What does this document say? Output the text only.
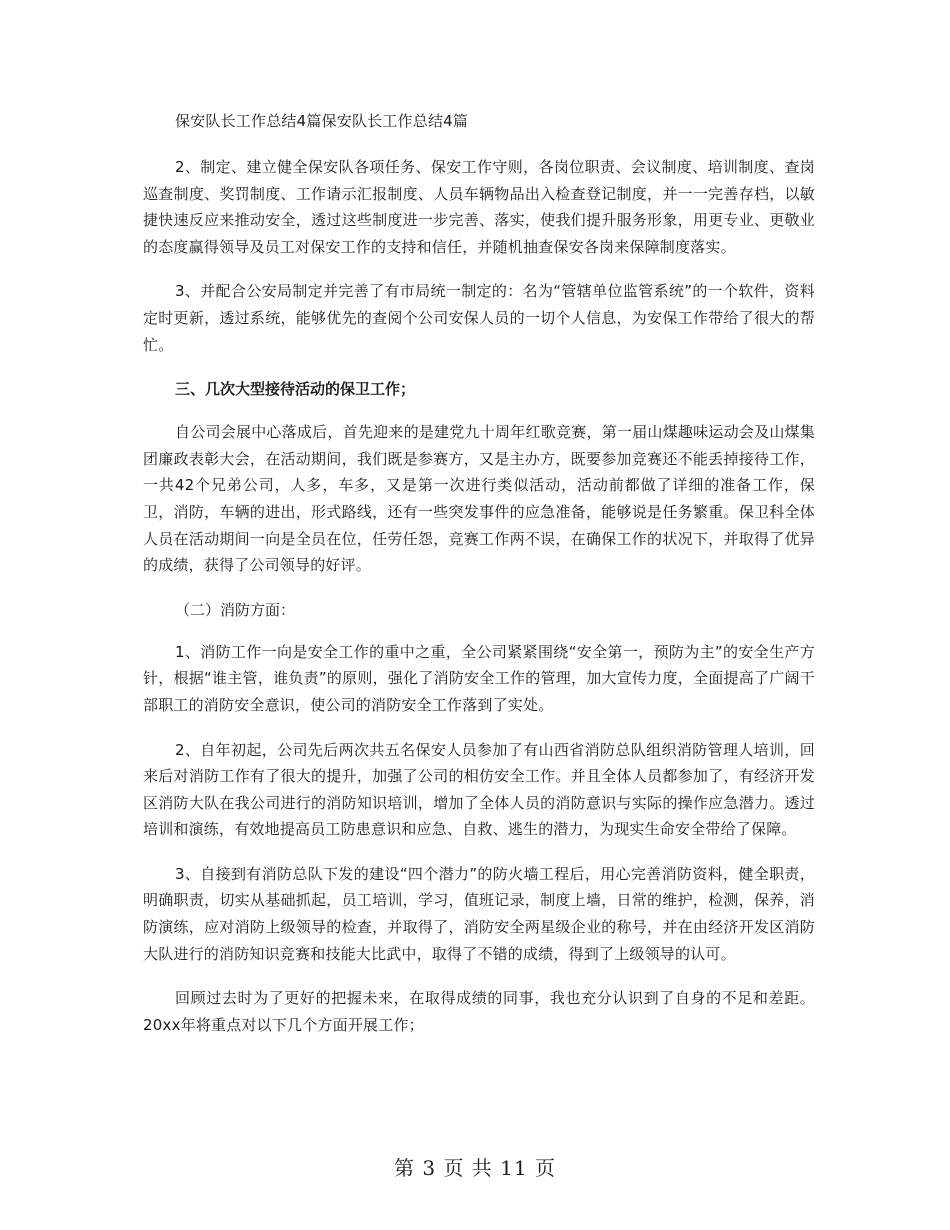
保安队长工作总结4篇保安队长工作总结4篇

2、制定、建立健全保安队各项任务、保安工作守则，各岗位职责、会议制度、培训制度、查岗巡查制度、奖罚制度、工作请示汇报制度、人员车辆物品出入检查登记制度，并一一完善存档，以敏捷快速反应来推动安全，透过这些制度进一步完善、落实，使我们提升服务形象，用更专业、更敬业的态度赢得领导及员工对保安工作的支持和信任，并随机抽查保安各岗来保障制度落实。

3、并配合公安局制定并完善了有市局统一制定的：名为“管辖单位监管系统”的一个软件，资料定时更新，透过系统，能够优先的查阅个公司安保人员的一切个人信息，为安保工作带给了很大的帮忙。

三、几次大型接待活动的保卫工作；

自公司会展中心落成后，首先迎来的是建党九十周年红歌竞赛，第一届山煤趣味运动会及山煤集团廉政表彰大会，在活动期间，我们既是参赛方，又是主办方，既要参加竞赛还不能丢掉接待工作，一共42个兄弟公司，人多，车多，又是第一次进行类似活动，活动前都做了详细的准备工作，保卫，消防，车辆的进出，形式路线，还有一些突发事件的应急准备，能够说是任务繁重。保卫科全体人员在活动期间一向是全员在位，任劳任怨，竞赛工作两不误，在确保工作的状况下，并取得了优异的成绩，获得了公司领导的好评。

（二）消防方面：

1、消防工作一向是安全工作的重中之重，全公司紧紧围绕“安全第一，预防为主”的安全生产方针，根据“谁主管，谁负责”的原则，强化了消防安全工作的管理，加大宣传力度，全面提高了广阔干部职工的消防安全意识，使公司的消防安全工作落到了实处。

2、自年初起，公司先后两次共五名保安人员参加了有山西省消防总队组织消防管理人培训，回来后对消防工作有了很大的提升，加强了公司的相仿安全工作。并且全体人员都参加了，有经济开发区消防大队在我公司进行的消防知识培训，增加了全体人员的消防意识与实际的操作应急潜力。透过培训和演练，有效地提高员工防患意识和应急、自救、逃生的潜力，为现实生命安全带给了保障。

3、自接到有消防总队下发的建设“四个潜力”的防火墙工程后，用心完善消防资料，健全职责，明确职责，切实从基础抓起，员工培训，学习，值班记录，制度上墙，日常的维护，检测，保养，消防演练，应对消防上级领导的检查，并取得了，消防安全两星级企业的称号，并在由经济开发区消防大队进行的消防知识竞赛和技能大比武中，取得了不错的成绩，得到了上级领导的认可。

回顾过去时为了更好的把握未来，在取得成绩的同事，我也充分认识到了自身的不足和差距。20xx年将重点对以下几个方面开展工作；

第 3 页 共 11 页
